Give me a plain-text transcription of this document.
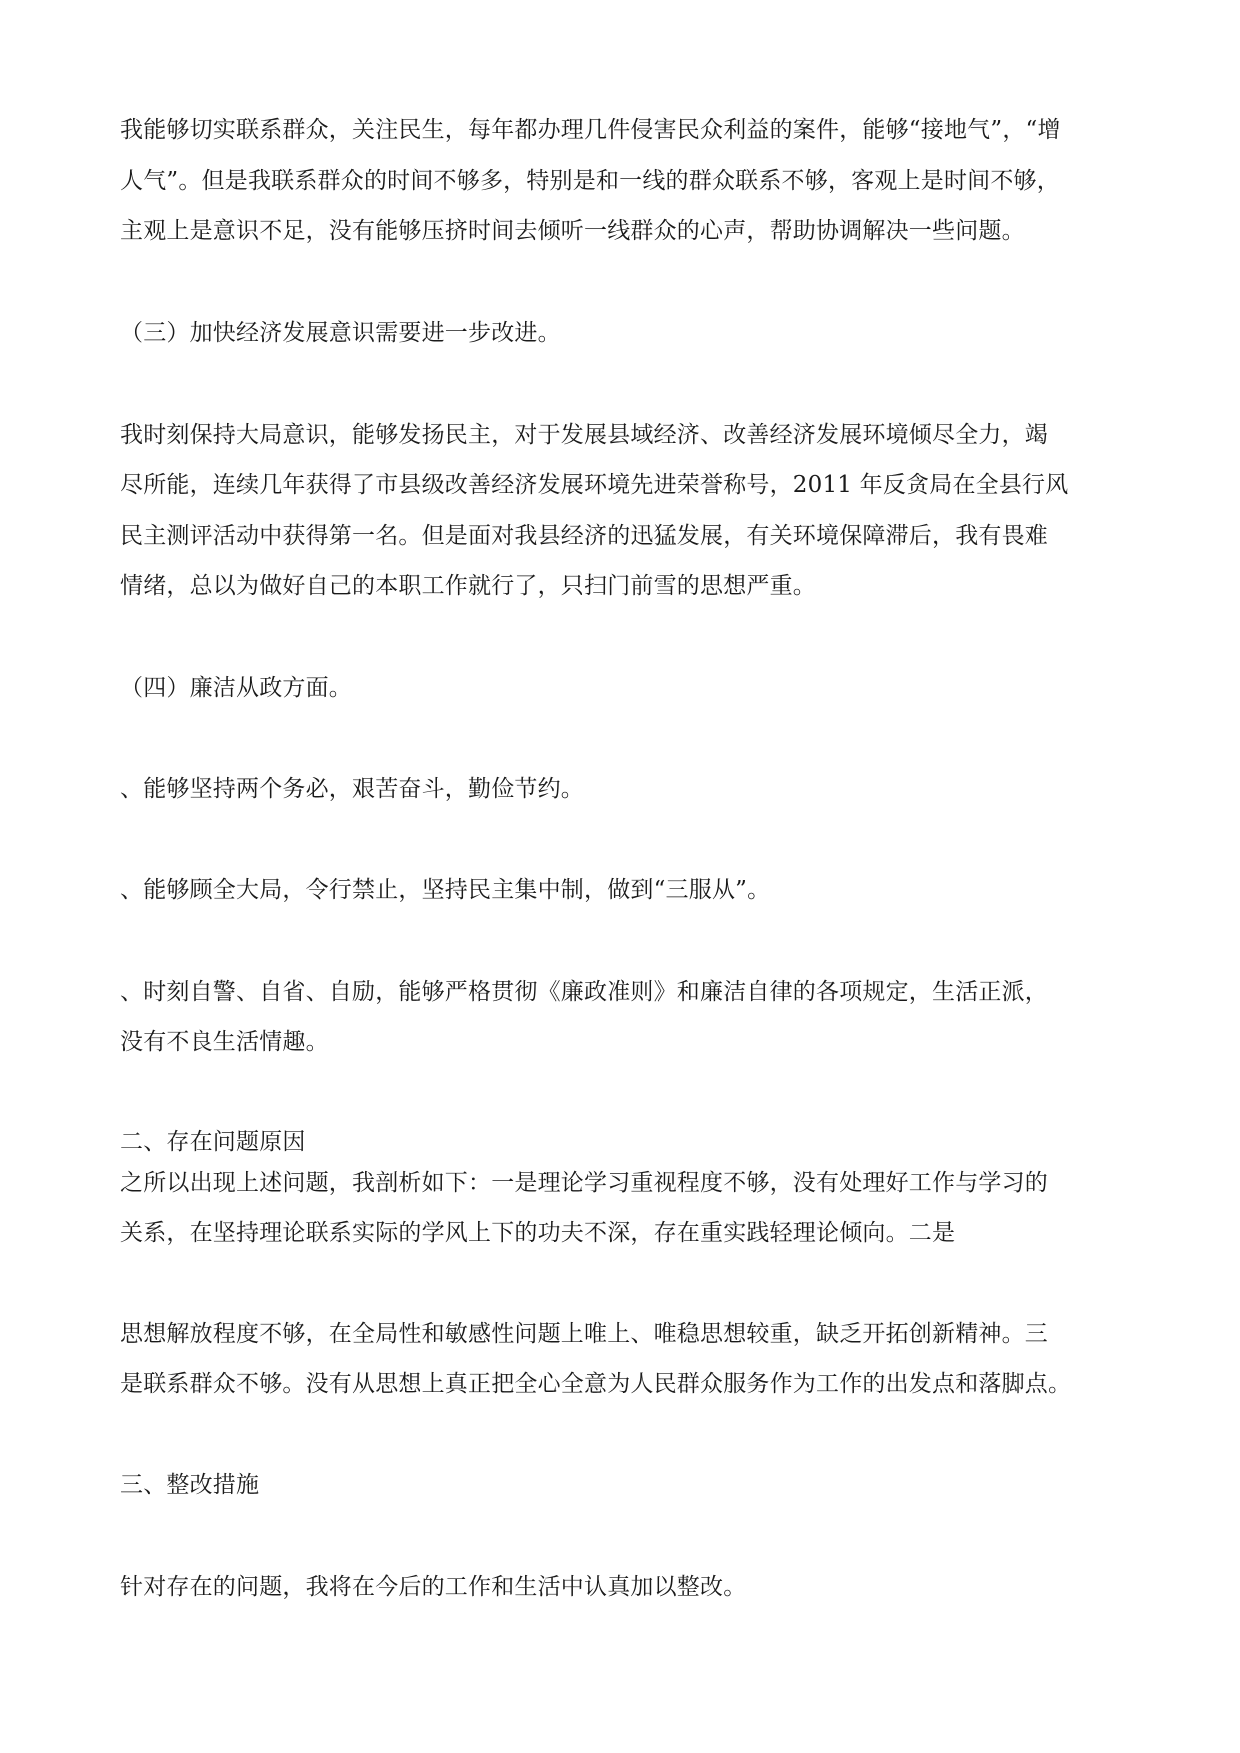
我能够切实联系群众，关注民生，每年都办理几件侵害民众利益的案件，能够“接地气”，“增

人气”。但是我联系群众的时间不够多，特别是和一线的群众联系不够，客观上是时间不够，

主观上是意识不足，没有能够压挤时间去倾听一线群众的心声，帮助协调解决一些问题。

（三）加快经济发展意识需要进一步改进。

我时刻保持大局意识，能够发扬民主，对于发展县域经济、改善经济发展环境倾尽全力，竭

尽所能，连续几年获得了市县级改善经济发展环境先进荣誉称号，2011 年反贪局在全县行风

民主测评活动中获得第一名。但是面对我县经济的迅猛发展，有关环境保障滞后，我有畏难

情绪，总以为做好自己的本职工作就行了，只扫门前雪的思想严重。

（四）廉洁从政方面。

、能够坚持两个务必，艰苦奋斗，勤俭节约。

、能够顾全大局，令行禁止，坚持民主集中制，做到“三服从”。

、时刻自警、自省、自励，能够严格贯彻《廉政准则》和廉洁自律的各项规定，生活正派，

没有不良生活情趣。

二、存在问题原因

之所以出现上述问题，我剖析如下：一是理论学习重视程度不够，没有处理好工作与学习的

关系，在坚持理论联系实际的学风上下的功夫不深，存在重实践轻理论倾向。二是

思想解放程度不够，在全局性和敏感性问题上唯上、唯稳思想较重，缺乏开拓创新精神。三

是联系群众不够。没有从思想上真正把全心全意为人民群众服务作为工作的出发点和落脚点。

三、整改措施

针对存在的问题，我将在今后的工作和生活中认真加以整改。
